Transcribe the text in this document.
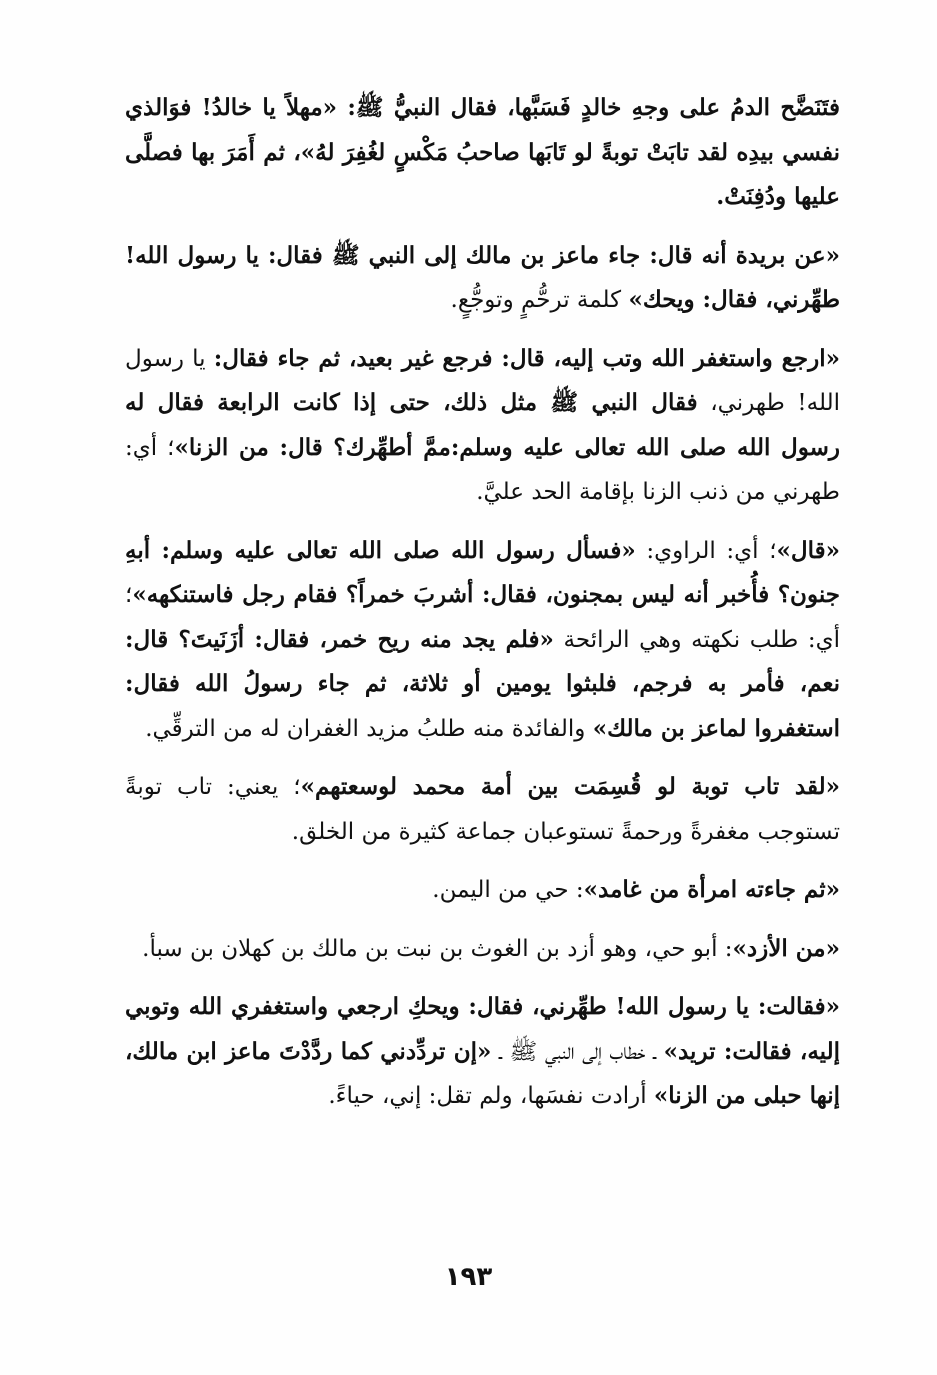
فتَنَضَّح الدمُ على وجهِ خالدٍ فَسَبَّها، فقال النبيُّ ﷺ: «مهلاً يا خالدُ! فوَالذي نفسي بيدِه لقد تابَتْ توبةً لو تَابَها صاحبُ مَكْسٍ لغُفِرَ لهُ»، ثم أَمَرَ بها فصلَّى عليها ودُفِنَتْ.

«عن بريدة أنه قال: جاء ماعز بن مالك إلى النبي ﷺ فقال: يا رسول الله! طهِّرني، فقال: ويحك» كلمة ترحُّمٍ وتوجُّعٍ.

«ارجع واستغفر الله وتب إليه، قال: فرجع غير بعيد، ثم جاء فقال: يا رسول الله! طهرني، فقال النبي ﷺ مثل ذلك، حتى إذا كانت الرابعة فقال له رسول الله صلى الله تعالى عليه وسلم:ممَّ أطهِّرك؟ قال: من الزنا»؛ أي: طهرني من ذنب الزنا بإقامة الحد عليَّ.

«قال»؛ أي: الراوي: «فسأل رسول الله صلى الله تعالى عليه وسلم: أبهِ جنون؟ فأُخبر أنه ليس بمجنون، فقال: أشربَ خمراً؟ فقام رجل فاستنكهه»؛ أي: طلب نكهته وهي الرائحة «فلم يجد منه ريح خمر، فقال: أزَنَيتَ؟ قال: نعم، فأمر به فرجم، فلبثوا يومين أو ثلاثة، ثم جاء رسولُ الله فقال: استغفروا لماعز بن مالك» والفائدة منه طلبُ مزيد الغفران له من الترقِّي.

«لقد تاب توبة لو قُسِمَت بين أمة محمد لوسعتهم»؛ يعني: تاب توبةً تستوجب مغفرةً ورحمةً تستوعبان جماعة كثيرة من الخلق.

«ثم جاءته امرأة من غامد»: حي من اليمن.

«من الأزد»: أبو حي، وهو أزد بن الغوث بن نبت بن مالك بن كهلان بن سبأ.

«فقالت: يا رسول الله! طهِّرني، فقال: ويحكِ ارجعي واستغفري الله وتوبي إليه، فقالت: تريد» ـ خطاب إلى النبي ﷺ ـ «إن تردِّدني كما ردَّدْتَ ماعز ابن مالك، إنها حبلى من الزنا» أرادت نفسَها، ولم تقل: إني، حياءً.

١٩٣
